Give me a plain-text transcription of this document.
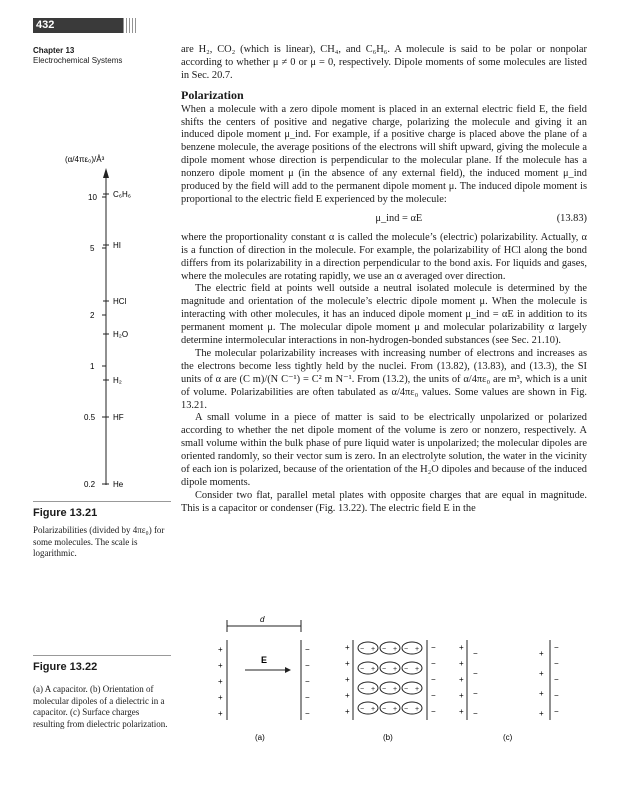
432
Chapter 13
Electrochemical Systems

are H₂, CO₂ (which is linear), CH₄, and C₆H₆. A molecule is said to be polar or nonpolar according to whether μ ≠ 0 or μ = 0, respectively. Dipole moments of some molecules are listed in Sec. 20.7.

Polarization

When a molecule with a zero dipole moment is placed in an external electric field E, the field shifts the centers of positive and negative charge, polarizing the molecule and giving it an induced dipole moment μ_ind. For example, if a positive charge is placed above the plane of a benzene molecule, the average positions of the electrons will shift upward, giving the molecule a dipole moment whose direction is perpendicular to the molecular plane. If the molecule has a nonzero dipole moment μ (in the absence of any external field), the induced moment μ_ind produced by the field will add to the permanent dipole moment μ. The induced dipole moment is proportional to the electric field E experienced by the molecule:

μ_ind = αE	(13.83)

where the proportionality constant α is called the molecule’s (electric) polarizability. Actually, α is a function of direction in the molecule. For example, the polarizability of HCl along the bond differs from its polarizability in a direction perpendicular to the bond axis. For liquids and gases, where the molecules are rotating rapidly, we use an α averaged over direction.

The electric field at points well outside a neutral isolated molecule is determined by the magnitude and orientation of the molecule’s electric dipole moment μ. When the molecule is interacting with other molecules, it has an induced dipole moment μ_ind = αE in addition to its permanent moment μ. The molecular dipole moment μ and molecular polarizability α largely determine intermolecular interactions in non-hydrogen-bonded substances (see Sec. 21.10).

The molecular polarizability increases with increasing number of electrons and increases as the electrons become less tightly held by the nuclei. From (13.82), (13.83), and (13.3), the SI units of α are (C m)/(N C⁻¹) = C² m N⁻¹. From (13.2), the units of α/4πε₀ are m³, which is a unit of volume. Polarizabilities are often tabulated as α/4πε₀ values. Some values are shown in Fig. 13.21.

A small volume in a piece of matter is said to be electrically unpolarized or polarized according to whether the net dipole moment of the volume is zero or nonzero, respectively. A small volume within the bulk phase of pure liquid water is unpolarized; the molecular dipoles are oriented randomly, so their vector sum is zero. In an electrolyte solution, the water in the vicinity of each ion is polarized, because of the orientation of the H₂O dipoles and because of the induced dipole moments.

Consider two flat, parallel metal plates with opposite charges that are equal in magnitude. This is a capacitor or condenser (Fig. 13.22). The electric field E in the

(α/4πε₀)/Å³
10
5
2
1
0.5
0.2
C₆H₆
HI
HCl
H₂O
H₂
HF
He
Figure 13.21
Polarizabilities (divided by 4πε₀) for some molecules. The scale is logarithmic.
Figure 13.22
(a) A capacitor. (b) Orientation of molecular dipoles of a dielectric in a capacitor. (c) Surface charges resulting from dielectric polarization.
d
+
+
+
+
+
−
−
−
−
−
E
(a)
+
+
+
+
+
−
−
−
−
−
− + − + − +
− + − + − +
− + − + − +
− + − + − +
(b)
+
+
+
+
+
−
−
−
−
+
+
+
+
−
−
−
−
−
(c)
